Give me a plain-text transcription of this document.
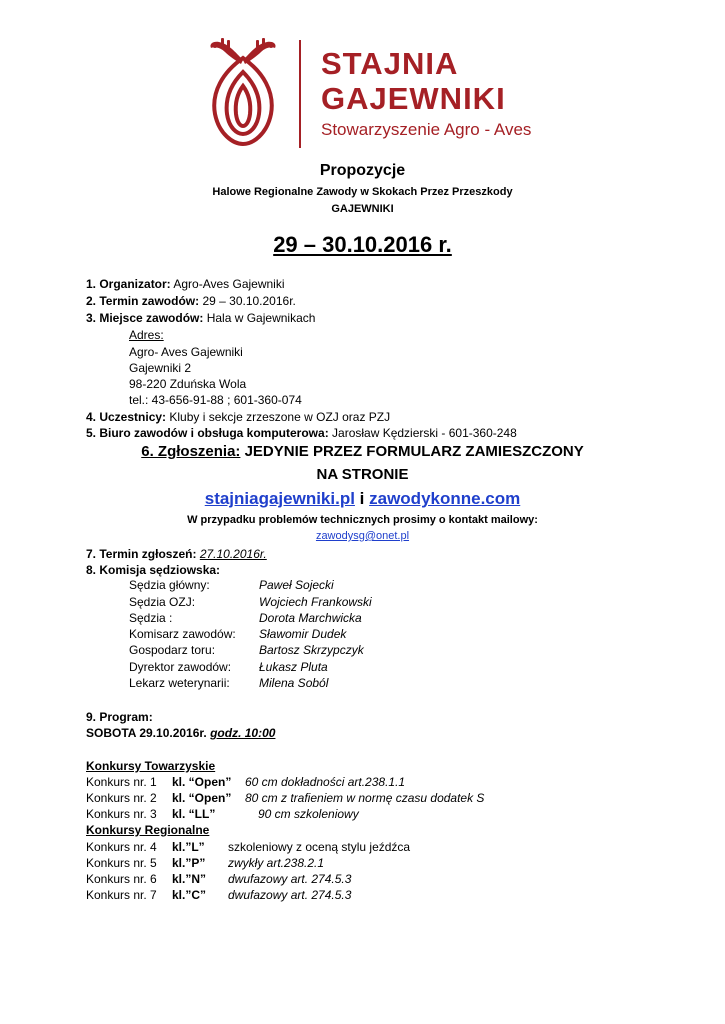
STAJNIA
GAJEWNIKI
Stowarzyszenie Agro - Aves
Propozycje
Halowe Regionalne Zawody w Skokach Przez Przeszkody
GAJEWNIKI
29 – 30.10.2016 r.
1. Organizator: Agro-Aves Gajewniki
2. Termin zawodów: 29 – 30.10.2016r.
3. Miejsce zawodów: Hala w Gajewnikach
Adres:
Agro- Aves Gajewniki
Gajewniki 2
98-220 Zduńska Wola
tel.: 43-656-91-88 ; 601-360-074
4. Uczestnicy: Kluby i sekcje zrzeszone w OZJ oraz PZJ
5. Biuro zawodów i obsługa komputerowa: Jarosław Kędzierski - 601-360-248
6. Zgłoszenia: JEDYNIE PRZEZ FORMULARZ ZAMIESZCZONY
NA STRONIE
stajniagajewniki.pl i zawodykonne.com
W przypadku problemów technicznych prosimy o kontakt mailowy:
zawodysg@onet.pl
7. Termin zgłoszeń: 27.10.2016r.
8. Komisja sędziowska:
Sędzia główny:	Paweł Sojecki
Sędzia OZJ:	Wojciech Frankowski
Sędzia :	Dorota Marchwicka
Komisarz zawodów: Sławomir Dudek
Gospodarz toru:	Bartosz Skrzypczyk
Dyrektor zawodów: Łukasz Pluta
Lekarz weterynarii: Milena Soból
9. Program:
SOBOTA 29.10.2016r. godz. 10:00
Konkursy Towarzyskie
Konkurs nr. 1 kl. “Open” 60 cm dokładności art.238.1.1
Konkurs nr. 2 kl. “Open” 80 cm z trafieniem w normę czasu dodatek S
Konkurs nr. 3 kl. “LL”	90 cm szkoleniowy
Konkursy Regionalne
Konkurs nr. 4 kl.”L” szkoleniowy z oceną stylu jeźdźca
Konkurs nr. 5 kl.”P” zwykły art.238.2.1
Konkurs nr. 6 kl.”N” dwufazowy art. 274.5.3
Konkurs nr. 7 kl.”C” dwufazowy art. 274.5.3
